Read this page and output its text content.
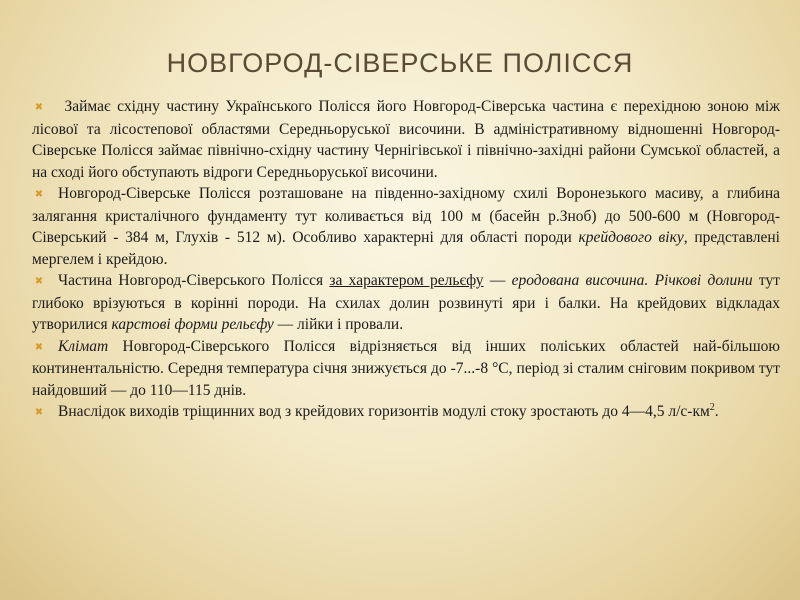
НОВГОРОД-СІВЕРСЬКЕ ПОЛІССЯ

✖ Займає східну частину Українського Полісся його Новгород-Сіверська частина є перехідною зоною між лісової та лісостепової областями Середньоруської височини. В адміністративному відношенні Новгород-Сіверське Полісся займає північно-східну частину Чернігівської і північно-західні райони Сумської областей, а на сході його обступають відроги Середньоруської височини.

✖ Новгород-Сіверське Полісся розташоване на південно-західному схилі Воронезького масиву, а глибина залягання кристалічного фундаменту тут коливається від 100 м (басейн р.Зноб) до 500-600 м (Новгород-Сіверський - 384 м, Глухів - 512 м). Особливо характерні для області породи крейдового віку, представлені мергелем і крейдою.

✖ Частина Новгород-Сіверського Полісся за характером рельєфу — еродована височина. Річкові долини тут глибоко врізуються в корінні породи. На схилах долин розвинуті яри і балки. На крейдових відкладах утворилися карстові форми рельєфу — лійки і провали.

✖ Клімат Новгород-Сіверського Полісся відрізняється від інших поліських областей най-більшою континентальністю. Середня температура січня знижується до -7...-8 °С, період зі сталим сніговим покривом тут найдовший — до 110—115 днів.

✖ Внаслідок виходів тріщинних вод з крейдових горизонтів модулі стоку зростають до 4—4,5 $л/с-км^2$.
